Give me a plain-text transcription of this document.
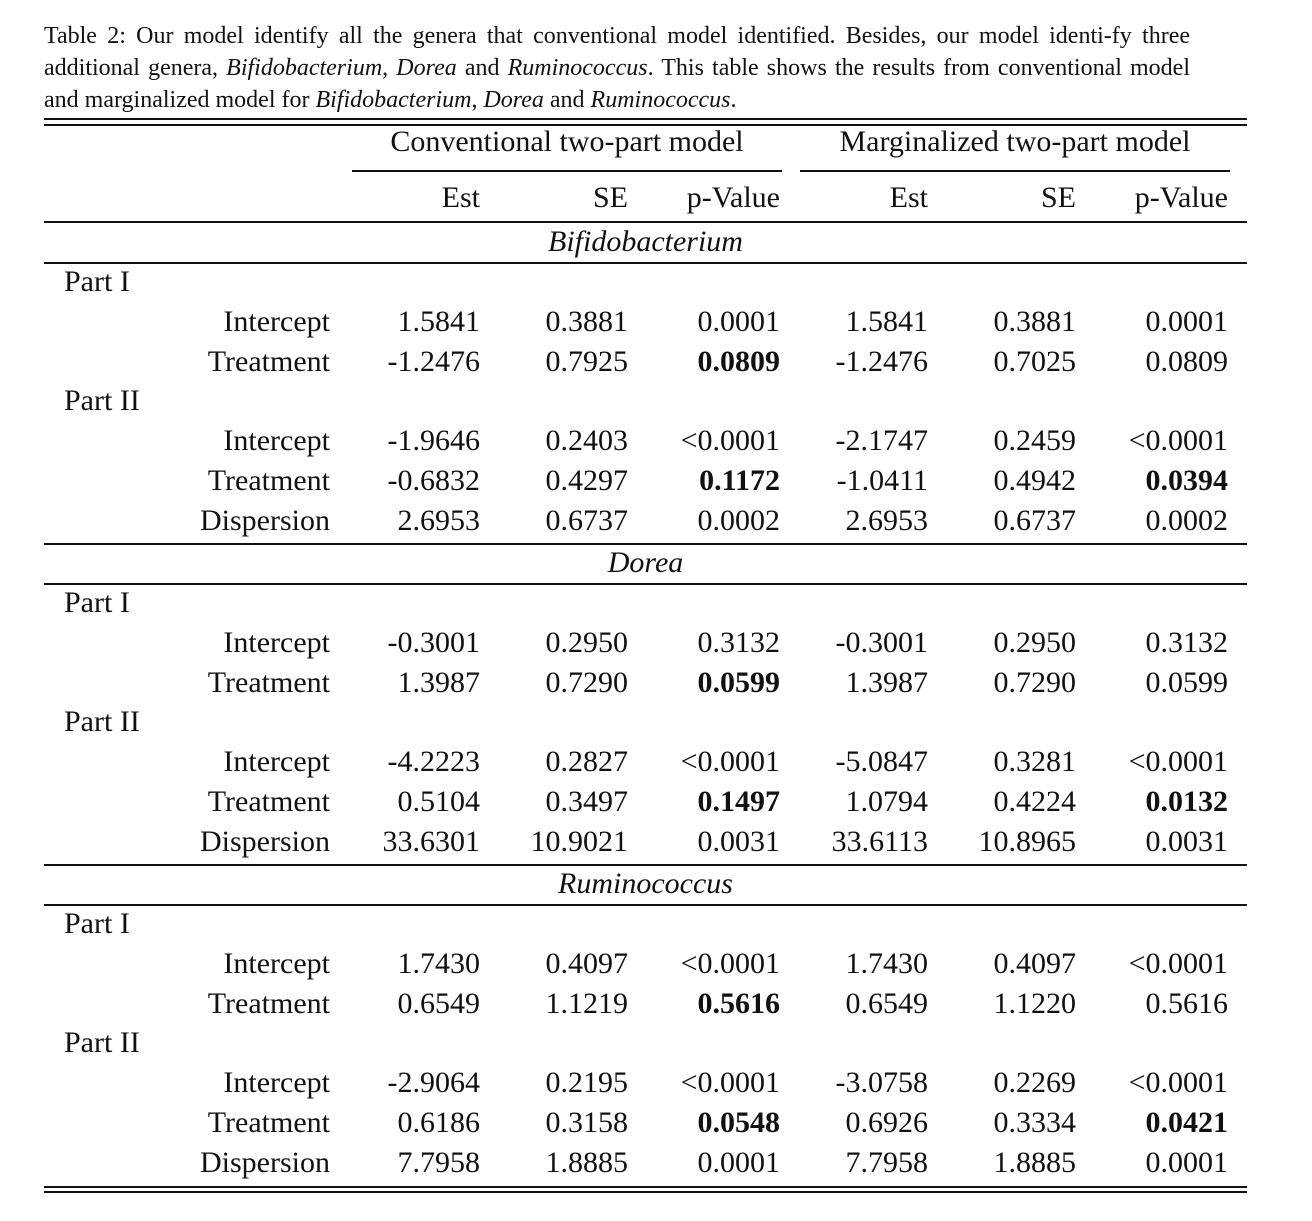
Table 2: Our model identify all the genera that conventional model identified. Besides, our model identi-fy three additional genera, Bifidobacterium, Dorea and Ruminococcus. This table shows the results from conventional model and marginalized model for Bifidobacterium, Dorea and Ruminococcus.
Conventional two-part model	Marginalized two-part model
Est	SE	p-Value	Est	SE	p-Value
Bifidobacterium
Part I
Intercept	1.5841	0.3881	0.0001	1.5841	0.3881	0.0001
Treatment	-1.2476	0.7925	0.0809	-1.2476	0.7025	0.0809
Part II
Intercept	-1.9646	0.2403	<0.0001	-2.1747	0.2459	<0.0001
Treatment	-0.6832	0.4297	0.1172	-1.0411	0.4942	0.0394
Dispersion	2.6953	0.6737	0.0002	2.6953	0.6737	0.0002
Dorea
Part I
Intercept	-0.3001	0.2950	0.3132	-0.3001	0.2950	0.3132
Treatment	1.3987	0.7290	0.0599	1.3987	0.7290	0.0599
Part II
Intercept	-4.2223	0.2827	<0.0001	-5.0847	0.3281	<0.0001
Treatment	0.5104	0.3497	0.1497	1.0794	0.4224	0.0132
Dispersion	33.6301	10.9021	0.0031	33.6113	10.8965	0.0031
Ruminococcus
Part I
Intercept	1.7430	0.4097	<0.0001	1.7430	0.4097	<0.0001
Treatment	0.6549	1.1219	0.5616	0.6549	1.1220	0.5616
Part II
Intercept	-2.9064	0.2195	<0.0001	-3.0758	0.2269	<0.0001
Treatment	0.6186	0.3158	0.0548	0.6926	0.3334	0.0421
Dispersion	7.7958	1.8885	0.0001	7.7958	1.8885	0.0001
